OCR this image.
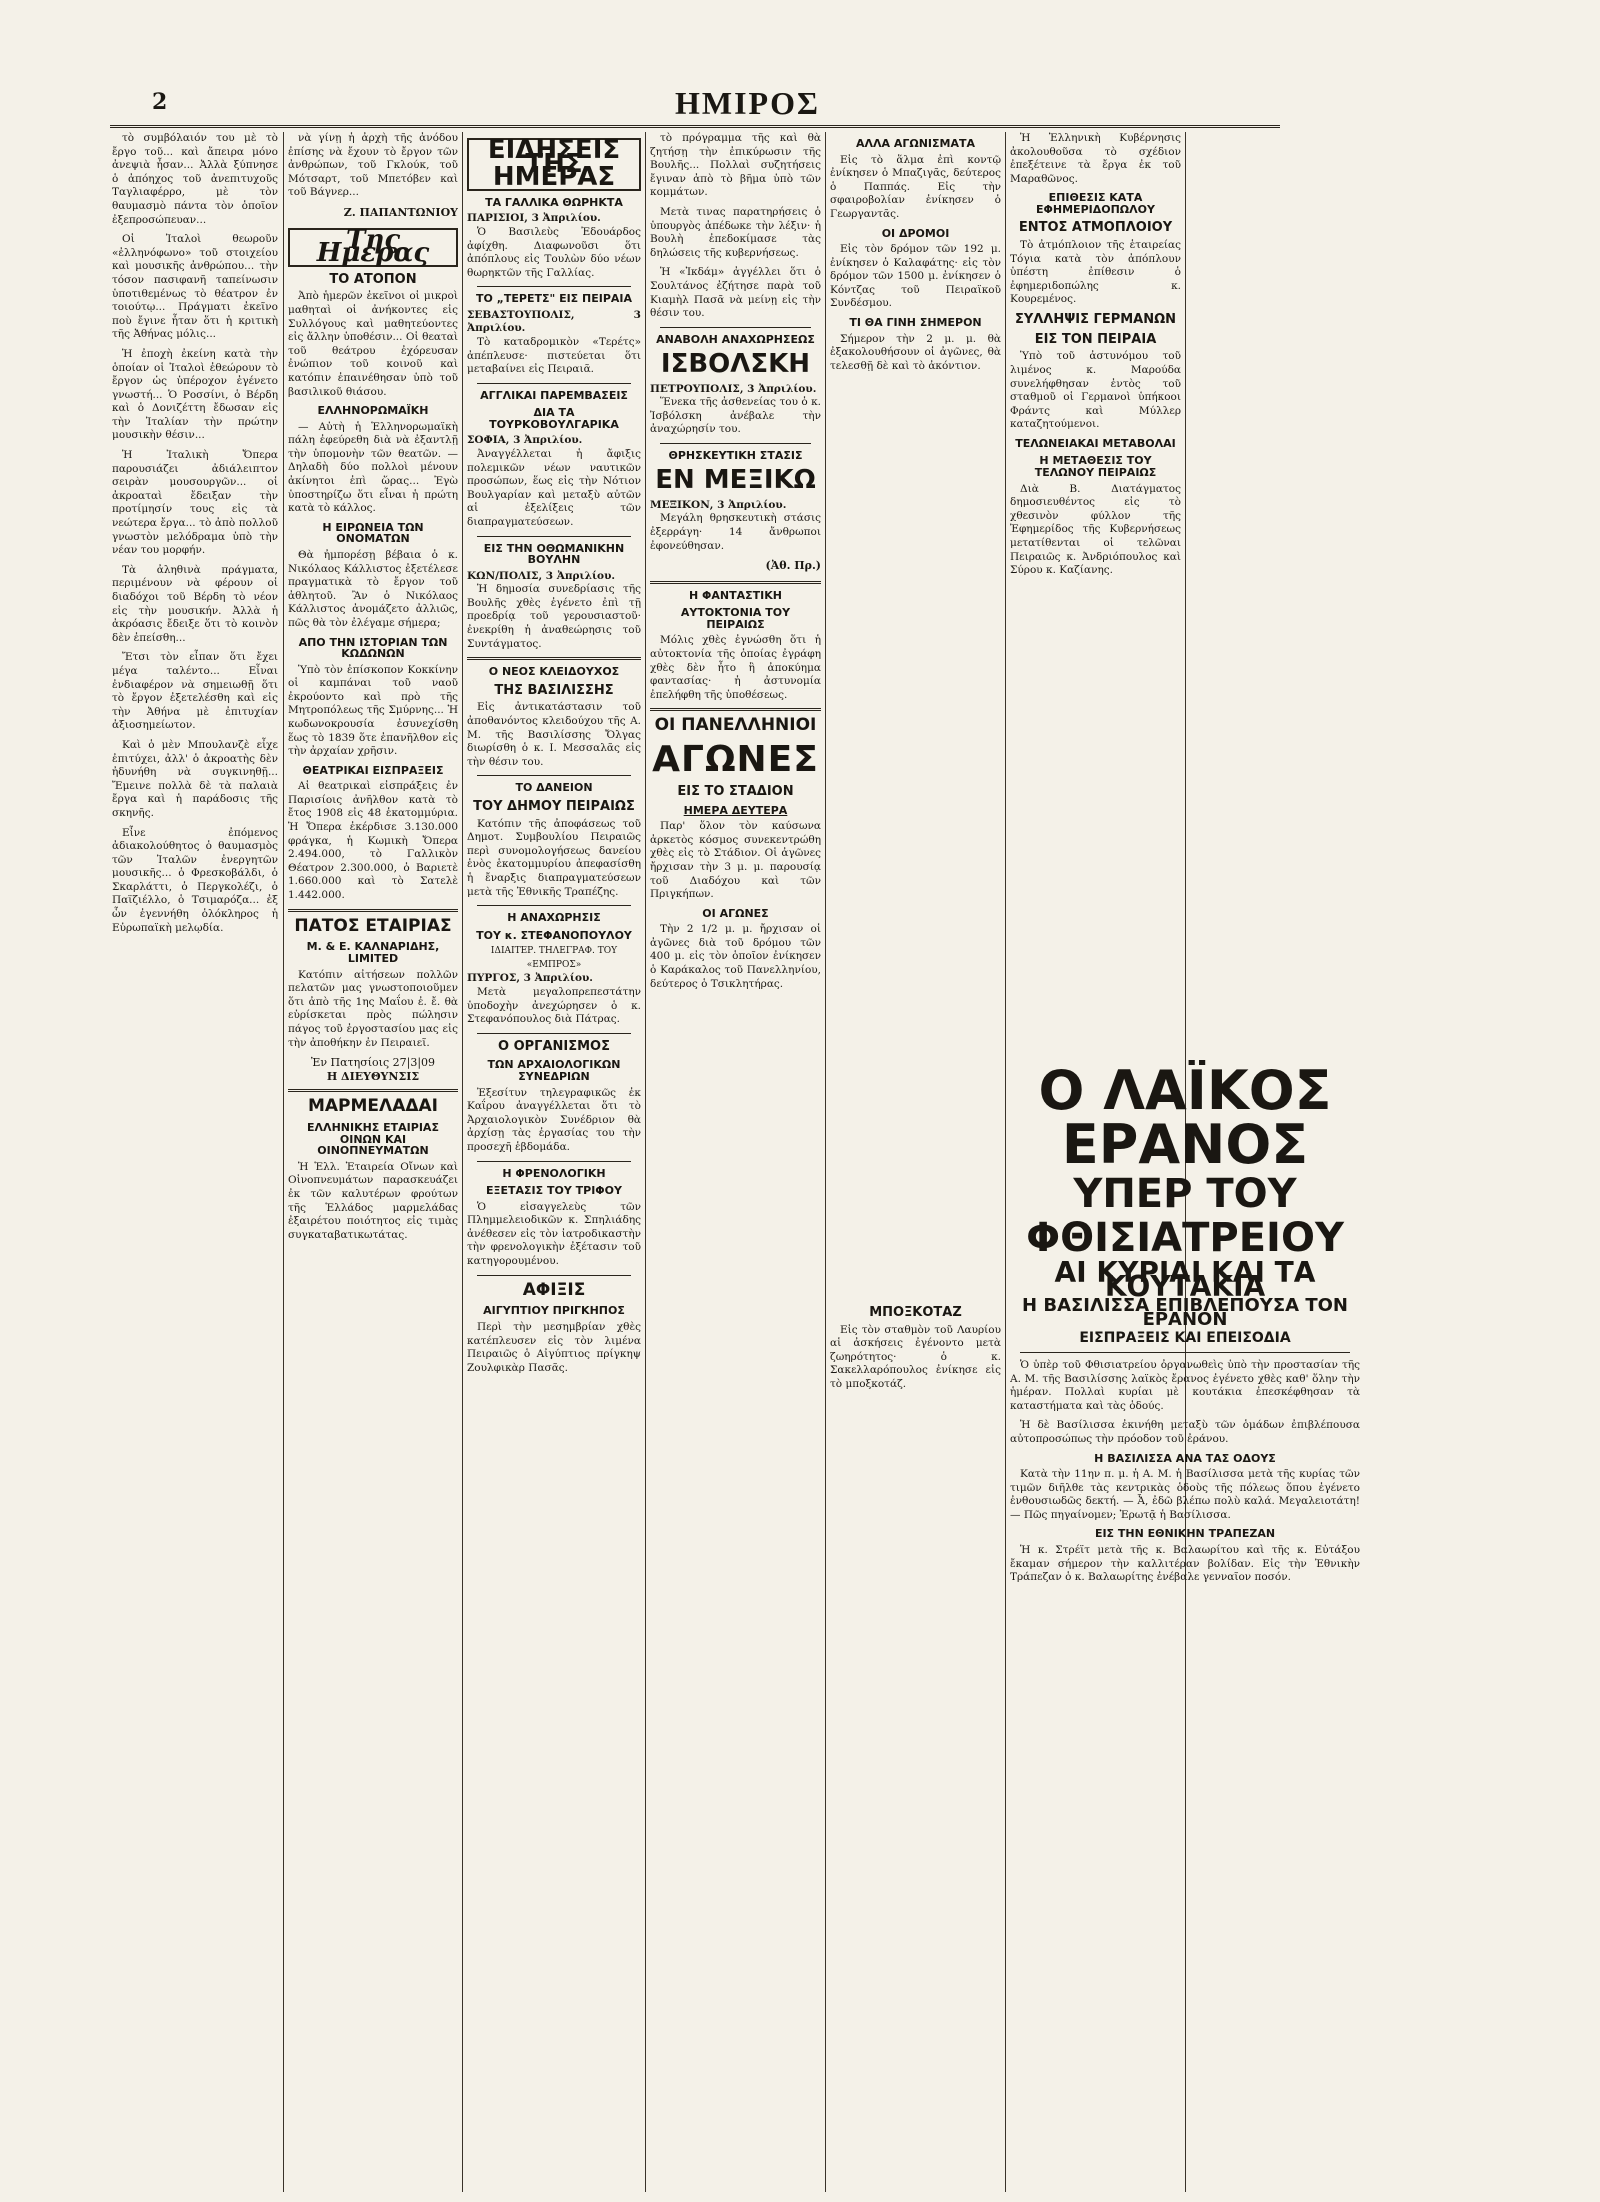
2	ΗΜΙΡΟΣ

τὸ συμβόλαιόν του μὲ τὸ ἔργο τοῦ... καὶ ἄπειρα μόνο ἀνεψιὰ ἦσαν... Ἀλλὰ ξύπνησε ὁ ἀπόηχος τοῦ ἀνεπιτυχοῦς Ταγλιαφέρρο, μὲ τὸν θαυμασμὸ πάντα τὸν ὁποῖον ἐξεπροσώπευαν...

Οἱ Ἰταλοὶ θεωροῦν «ἐλληνόφωνο» τοῦ στοιχείου καὶ μουσικῆς ἀνθρώπου... τὴν τόσον πασιφανῆ ταπείνωσιν ὑποτιθεμένως τὸ θέατρον ἐν τοιούτῳ... Πράγματι ἐκεῖνο ποὺ ἔγινε ἦταν ὅτι ἡ κριτικὴ τῆς Ἀθήνας μόλις...

Ἡ ἐποχὴ ἐκείνη κατὰ τὴν ὁποίαν οἱ Ἰταλοὶ ἐθεώρουν τὸ ἔργον ὡς ὑπέροχον ἐγένετο γνωστή... Ὁ Ροσσίνι, ὁ Βέρδη καὶ ὁ Δονιζέττη ἔδωσαν εἰς τὴν Ἰταλίαν τὴν πρώτην μουσικὴν θέσιν...

Ἡ Ἰταλικὴ Ὄπερα παρουσιάζει ἀδιάλειπτον σειρὰν μουσουργῶν... οἱ ἀκροαταὶ ἔδειξαν τὴν προτίμησίν τους εἰς τὰ νεώτερα ἔργα... τὸ ἀπὸ πολλοῦ γνωστὸν μελόδραμα ὑπὸ τὴν νέαν του μορφήν.

Τὰ ἀληθινὰ πράγματα, περιμένουν νὰ φέρουν οἱ διαδόχοι τοῦ Βέρδη τὸ νέον εἰς τὴν μουσικήν. Ἀλλὰ ἡ ἀκρόασις ἔδειξε ὅτι τὸ κοινὸν δὲν ἐπείσθη...

Ἔτσι τὸν εἶπαν ὅτι ἔχει μέγα ταλέντο... Εἶναι ἐνδιαφέρον νὰ σημειωθῇ ὅτι τὸ ἔργον ἐξετελέσθη καὶ εἰς τὴν Ἀθήνα μὲ ἐπιτυχίαν ἀξιοσημείωτον.

Καὶ ὁ μὲν Μπουλανζὲ εἶχε ἐπιτύχει, ἀλλ' ὁ ἀκροατὴς δὲν ἠδυνήθη νὰ συγκινηθῇ... Ἔμεινε πολλὰ δὲ τὰ παλαιὰ ἔργα καὶ ἡ παράδοσις τῆς σκηνῆς.

Εἶνε ἐπόμενος ἀδιακολούθητος ὁ θαυμασμὸς τῶν Ἰταλῶν ἐνεργητῶν μουσικῆς... ὁ Φρεσκοβάλδι, ὁ Σκαρλάττι, ὁ Περγκολέζι, ὁ Παϊζιέλλο, ὁ Τσιμαρόζα... ἐξ ὧν ἐγεννήθη ὁλόκληρος ἡ Εὐρωπαϊκὴ μελῳδία.

νὰ γίνῃ ἡ ἀρχὴ τῆς ἀνόδου ἐπίσης νὰ ἔχουν τὸ ἔργον τῶν ἀνθρώπων, τοῦ Γκλούκ, τοῦ Μότσαρτ, τοῦ Μπετόβεν καὶ τοῦ Βάγνερ...

Ζ. ΠΑΠΑΝΤΩΝΙΟΥ
Της Ημερας
ΤΟ ΑΤΟΠΟΝ

Ἀπὸ ἡμερῶν ἐκεῖνοι οἱ μικροὶ μαθηταὶ οἱ ἀνήκοντες εἰς Συλλόγους καὶ μαθητεύοντες εἰς ἄλλην ὑποθέσιν... Οἱ θεαταὶ τοῦ θεάτρου ἐχόρευσαν ἐνώπιον τοῦ κοινοῦ καὶ κατόπιν ἐπαινέθησαν ὑπὸ τοῦ βασιλικοῦ θιάσου.

ΕΛΛΗΝΟΡΩΜΑΪΚΗ

— Αὐτὴ ἡ Ἑλληνορωμαϊκὴ πάλη ἐφεύρεθη διὰ νὰ ἐξαντλῇ τὴν ὑπομονὴν τῶν θεατῶν. — Δηλαδὴ δύο πολλοὶ μένουν ἀκίνητοι ἐπὶ ὥρας... Ἐγὼ ὑποστηρίζω ὅτι εἶναι ἡ πρώτη κατὰ τὸ κάλλος.

Η ΕΙΡΩΝΕΙΑ ΤΩΝ ΟΝΟΜΑΤΩΝ

Θὰ ἠμπορέσῃ βέβαια ὁ κ. Νικόλαος Κάλλιστος ἐξετέλεσε πραγματικὰ τὸ ἔργον τοῦ ἀθλητοῦ. Ἂν ὁ Νικόλαος Κάλλιστος ἀνομάζετο ἀλλιῶς, πῶς θὰ τὸν ἐλέγαμε σήμερα;

ΑΠΟ ΤΗΝ ΙΣΤΟΡΙΑΝ ΤΩΝ ΚΩΔΩΝΩΝ

Ὑπὸ τὸν ἐπίσκοπον Κοκκίνην οἱ καμπάναι τοῦ ναοῦ ἐκρούοντο καὶ πρὸ τῆς Μητροπόλεως τῆς Σμύρνης... Ἡ κωδωνοκρουσία ἐσυνεχίσθη ἕως τὸ 1839 ὅτε ἐπανῆλθον εἰς τὴν ἀρχαίαν χρῆσιν.

ΘΕΑΤΡΙΚΑΙ ΕΙΣΠΡΑΞΕΙΣ

Αἱ θεατρικαὶ εἰσπράξεις ἐν Παρισίοις ἀνῆλθον κατὰ τὸ ἔτος 1908 εἰς 48 ἑκατομμύρια. Ἡ Ὄπερα ἐκέρδισε 3.130.000 φράγκα, ἡ Κωμικὴ Ὄπερα 2.494.000, τὸ Γαλλικὸν Θέατρον 2.300.000, ὁ Βαριετὲ 1.660.000 καὶ τὸ Σατελὲ 1.442.000.

ΠΑΤΟΣ ΕΤΑΙΡΙΑΣ
Μ. & Ε. ΚΑΛΝΑΡΙΔΗΣ, LIMITED

Κατόπιν αἰτήσεων πολλῶν πελατῶν μας γνωστοποιοῦμεν ὅτι ἀπὸ τῆς 1ης Μαΐου ἐ. ἔ. θὰ εὑρίσκεται πρὸς πώλησιν πάγος τοῦ ἐργοστασίου μας εἰς τὴν ἀποθήκην ἐν Πειραιεῖ.

Ἐν Πατησίοις 27|3|09
Η ΔΙΕΥΘΥΝΣΙΣ
ΜΑΡΜΕΛΑΔΑΙ
ΕΛΛΗΝΙΚΗΣ ΕΤΑΙΡΙΑΣ ΟΙΝΩΝ ΚΑΙ ΟΙΝΟΠΝΕΥΜΑΤΩΝ

Ἡ Ἑλλ. Ἑταιρεία Οἴνων καὶ Οἰνοπνευμάτων παρασκευάζει ἐκ τῶν καλυτέρων φρούτων τῆς Ἑλλάδος μαρμελάδας ἐξαιρέτου ποιότητος εἰς τιμὰς συγκαταβατικωτάτας.

ΕΙΔΗΣΕΙΣ ΤΗΣ ΗΜΕΡΑΣ
ΤΑ ΓΑΛΛΙΚΑ ΘΩΡΗΚΤΑ
ΠΑΡΙΣΙΟΙ, 3 Ἀπριλίου.

Ὁ Βασιλεὺς Ἐδουάρδος ἀφίχθη. Διαφωνοῦσι ὅτι ἀπόπλους εἰς Τουλὼν δύο νέων θωρηκτῶν τῆς Γαλλίας.

ΤΟ „ΤΕΡΕΤΣ" ΕΙΣ ΠΕΙΡΑΙΑ
ΣΕΒΑΣΤΟΥΠΟΛΙΣ, 3 Ἀπριλίου.

Τὸ καταδρομικὸν «Τερέτς» ἀπέπλευσε· πιστεύεται ὅτι μεταβαίνει εἰς Πειραιᾶ.

ΑΓΓΛΙΚΑΙ ΠΑΡΕΜΒΑΣΕΙΣ
ΔΙΑ ΤΑ ΤΟΥΡΚΟΒΟΥΛΓΑΡΙΚΑ
ΣΟΦΙΑ, 3 Ἀπριλίου.

Ἀναγγέλλεται ἡ ἄφιξις πολεμικῶν νέων ναυτικῶν προσώπων, ἕως εἰς τὴν Νότιον Βουλγαρίαν καὶ μεταξὺ αὐτῶν αἱ ἐξελίξεις τῶν διαπραγματεύσεων.

ΕΙΣ ΤΗΝ ΟΘΩΜΑΝΙΚΗΝ ΒΟΥΛΗΝ
ΚΩΝ/ΠΟΛΙΣ, 3 Ἀπριλίου.

Ἡ δημοσία συνεδρίασις τῆς Βουλῆς χθὲς ἐγένετο ἐπὶ τῇ προεδρίᾳ τοῦ γερουσιαστοῦ· ἐνεκρίθη ἡ ἀναθεώρησις τοῦ Συντάγματος.

Ο ΝΕΟΣ ΚΛΕΙΔΟΥΧΟΣ
ΤΗΣ ΒΑΣΙΛΙΣΣΗΣ

Εἰς ἀντικατάστασιν τοῦ ἀποθανόντος κλειδούχου τῆς Α. Μ. τῆς Βασιλίσσης Ὄλγας διωρίσθη ὁ κ. Ι. Μεσσαλᾶς εἰς τὴν θέσιν του.

ΤΟ ΔΑΝΕΙΟΝ
ΤΟΥ ΔΗΜΟΥ ΠΕΙΡΑΙΩΣ

Κατόπιν τῆς ἀποφάσεως τοῦ Δημοτ. Συμβουλίου Πειραιῶς περὶ συνομολογήσεως δανείου ἑνὸς ἑκατομμυρίου ἀπεφασίσθη ἡ ἔναρξις διαπραγματεύσεων μετὰ τῆς Ἐθνικῆς Τραπέζης.

Η ΑΝΑΧΩΡΗΣΙΣ
ΤΟΥ κ. ΣΤΕΦΑΝΟΠΟΥΛΟΥ
ΙΔΙΑΙΤΕΡ. ΤΗΛΕΓΡΑΦ. ΤΟΥ «ΕΜΠΡΟΣ»
ΠΥΡΓΟΣ, 3 Ἀπριλίου.

Μετὰ μεγαλοπρεπεστάτην ὑποδοχὴν ἀνεχώρησεν ὁ κ. Στεφανόπουλος διὰ Πάτρας.

Ο ΟΡΓΑΝΙΣΜΟΣ
ΤΩΝ ΑΡΧΑΙΟΛΟΓΙΚΩΝ ΣΥΝΕΔΡΙΩΝ

Ἐξεσίτυν τηλεγραφικῶς ἐκ Καΐρου ἀναγγέλλεται ὅτι τὸ Ἀρχαιολογικὸν Συνέδριον θὰ ἀρχίσῃ τὰς ἐργασίας του τὴν προσεχῆ ἑβδομάδα.

Η ΦΡΕΝΟΛΟΓΙΚΗ
ΕΞΕΤΑΣΙΣ ΤΟΥ ΤΡΙΦΟΥ

Ὁ εἰσαγγελεὺς τῶν Πλημμελειοδικῶν κ. Σπηλιάδης ἀνέθεσεν εἰς τὸν ἰατροδικαστὴν τὴν φρενολογικὴν ἐξέτασιν τοῦ κατηγορουμένου.

ΑΦΙΞΙΣ
ΑΙΓΥΠΤΙΟΥ ΠΡΙΓΚΗΠΟΣ

Περὶ τὴν μεσημβρίαν χθὲς κατέπλευσεν εἰς τὸν λιμένα Πειραιῶς ὁ Αἰγύπτιος πρίγκηψ Ζουλφικὰρ Πασᾶς.

τὸ πρόγραμμα τῆς καὶ θὰ ζητήσῃ τὴν ἐπικύρωσιν τῆς Βουλῆς... Πολλαὶ συζητήσεις ἔγιναν ἀπὸ τὸ βῆμα ὑπὸ τῶν κομμάτων.

Μετὰ τινας παρατηρήσεις ὁ ὑπουργὸς ἀπέδωκε τὴν λέξιν· ἡ Βουλὴ ἐπεδοκίμασε τὰς δηλώσεις τῆς κυβερνήσεως.

Ἡ «Ἰκδάμ» ἀγγέλλει ὅτι ὁ Σουλτάνος ἐζήτησε παρὰ τοῦ Κιαμὴλ Πασᾶ νὰ μείνῃ εἰς τὴν θέσιν του.

ΑΝΑΒΟΛΗ ΑΝΑΧΩΡΗΣΕΩΣ
ΙΣΒΟΛΣΚΗ
ΠΕΤΡΟΥΠΟΛΙΣ, 3 Ἀπριλίου.

Ἕνεκα τῆς ἀσθενείας του ὁ κ. Ἰσβόλσκη ἀνέβαλε τὴν ἀναχώρησίν του.

ΘΡΗΣΚΕΥΤΙΚΗ ΣΤΑΣΙΣ
ΕΝ ΜΕΞΙΚΩ
ΜΕΞΙΚΟΝ, 3 Ἀπριλίου.

Μεγάλη θρησκευτικὴ στάσις ἐξερράγη· 14 ἄνθρωποι ἐφονεύθησαν.

(Ἀθ. Πρ.)
Η ΦΑΝΤΑΣΤΙΚΗ
ΑΥΤΟΚΤΟΝΙΑ ΤΟΥ ΠΕΙΡΑΙΩΣ

Μόλις χθὲς ἐγνώσθη ὅτι ἡ αὐτοκτονία τῆς ὁποίας ἐγράφη χθὲς δὲν ἦτο ἢ ἀποκύημα φαντασίας· ἡ ἀστυνομία ἐπελήφθη τῆς ὑποθέσεως.

ΟΙ ΠΑΝΕΛΛΗΝΙΟΙ
ΑΓΩΝΕΣ
ΕΙΣ ΤΟ ΣΤΑΔΙΟΝ
ΗΜΕΡΑ ΔΕΥΤΕΡΑ

Παρ' ὅλον τὸν καύσωνα ἀρκετὸς κόσμος συνεκεντρώθη χθὲς εἰς τὸ Στάδιον. Οἱ ἀγῶνες ἤρχισαν τὴν 3 μ. μ. παρουσίᾳ τοῦ Διαδόχου καὶ τῶν Πριγκήπων.

ΟΙ ΑΓΩΝΕΣ

Τὴν 2 1/2 μ. μ. ἤρχισαν οἱ ἀγῶνες διὰ τοῦ δρόμου τῶν 400 μ. εἰς τὸν ὁποῖον ἐνίκησεν ὁ Καράκαλος τοῦ Πανελληνίου, δεύτερος ὁ Τσικλητήρας.

ΑΛΛΑ ΑΓΩΝΙΣΜΑΤΑ

Εἰς τὸ ἅλμα ἐπὶ κοντῷ ἐνίκησεν ὁ Μπαζιγᾶς, δεύτερος ὁ Παππάς. Εἰς τὴν σφαιροβολίαν ἐνίκησεν ὁ Γεωργαντᾶς.

ΟΙ ΔΡΟΜΟΙ

Εἰς τὸν δρόμον τῶν 192 μ. ἐνίκησεν ὁ Καλαφάτης· εἰς τὸν δρόμον τῶν 1500 μ. ἐνίκησεν ὁ Κόντζας τοῦ Πειραϊκοῦ Συνδέσμου.

ΤΙ ΘΑ ΓΙΝΗ ΣΗΜΕΡΟΝ

Σήμερον τὴν 2 μ. μ. θὰ ἐξακολουθήσουν οἱ ἀγῶνες, θὰ τελεσθῇ δὲ καὶ τὸ ἀκόντιον.

Ἡ Ἑλληνικὴ Κυβέρνησις ἀκολουθοῦσα τὸ σχέδιον ἐπεξέτεινε τὰ ἔργα ἐκ τοῦ Μαραθῶνος.

ΕΠΙΘΕΣΙΣ ΚΑΤΑ ΕΦΗΜΕΡΙΔΟΠΩΛΟΥ
ΕΝΤΟΣ ΑΤΜΟΠΛΟΙΟΥ

Τὸ ἀτμόπλοιον τῆς ἑταιρείας Τόγια κατὰ τὸν ἀπόπλουν ὑπέστη ἐπίθεσιν ὁ ἐφημεριδοπώλης κ. Κουρεμένος.

ΣΥΛΛΗΨΙΣ ΓΕΡΜΑΝΩΝ
ΕΙΣ ΤΟΝ ΠΕΙΡΑΙΑ

Ὑπὸ τοῦ ἀστυνόμου τοῦ λιμένος κ. Μαρούδα συνελήφθησαν ἐντὸς τοῦ σταθμοῦ οἱ Γερμανοὶ ὑπήκοοι Φράντς καὶ Μύλλερ καταζητούμενοι.

ΤΕΛΩΝΕΙΑΚΑΙ ΜΕΤΑΒΟΛΑΙ
Η ΜΕΤΑΘΕΣΙΣ ΤΟΥ ΤΕΛΩΝΟΥ ΠΕΙΡΑΙΩΣ

Διὰ Β. Διατάγματος δημοσιευθέντος εἰς τὸ χθεσινὸν φύλλον τῆς Ἐφημερίδος τῆς Κυβερνήσεως μετατίθενται οἱ τελῶναι Πειραιῶς κ. Ἀνδριόπουλος καὶ Σύρου κ. Καζίανης.

Ο ΛΑΪΚΟΣ ΕΡΑΝΟΣ
ΥΠΕΡ ΤΟΥ ΦΘΙΣΙΑΤΡΕΙΟΥ
ΑΙ ΚΥΡΙΑΙ ΚΑΙ ΤΑ ΚΟΥΤΑΚΙΑ
Η ΒΑΣΙΛΙΣΣΑ ΕΠΙΒΛΕΠΟΥΣΑ ΤΟΝ ΕΡΑΝΟΝ
ΕΙΣΠΡΑΞΕΙΣ ΚΑΙ ΕΠΕΙΣΟΔΙΑ

Ὁ ὑπὲρ τοῦ Φθισιατρείου ὀργανωθεὶς ὑπὸ τὴν προστασίαν τῆς Α. Μ. τῆς Βασιλίσσης λαϊκὸς ἔρανος ἐγένετο χθὲς καθ' ὅλην τὴν ἡμέραν. Πολλαὶ κυρίαι μὲ κουτάκια ἐπεσκέφθησαν τὰ καταστήματα καὶ τὰς ὁδούς.

Ἡ δὲ Βασίλισσα ἐκινήθη μεταξὺ τῶν ὁμάδων ἐπιβλέπουσα αὐτοπροσώπως τὴν πρόοδον τοῦ ἐράνου.

Η ΒΑΣΙΛΙΣΣΑ ΑΝΑ ΤΑΣ ΟΔΟΥΣ

Κατὰ τὴν 11ην π. μ. ἡ Α. Μ. ἡ Βασίλισσα μετὰ τῆς κυρίας τῶν τιμῶν διῆλθε τὰς κεντρικὰς ὁδοὺς τῆς πόλεως ὅπου ἐγένετο ἐνθουσιωδῶς δεκτή. — Ἆ, ἐδῶ βλέπω πολὺ καλά. Μεγαλειοτάτη! — Πῶς πηγαίνομεν; Ἐρωτᾷ ἡ Βασίλισσα.

ΕΙΣ ΤΗΝ ΕΘΝΙΚΗΝ ΤΡΑΠΕΖΑΝ

Ἡ κ. Στρέϊτ μετὰ τῆς κ. Βαλαωρίτου καὶ τῆς κ. Εὐτάξου ἔκαμαν σήμερον τὴν καλλιτέραν βολίδαν. Εἰς τὴν Ἐθνικὴν Τράπεζαν ὁ κ. Βαλαωρίτης ἐνέβαλε γενναῖον ποσόν.

ΜΠΟΞΚΟΤΑΖ

Εἰς τὸν σταθμὸν τοῦ Λαυρίου αἱ ἀσκήσεις ἐγένοντο μετὰ ζωηρότητος· ὁ κ. Σακελλαρόπουλος ἐνίκησε εἰς τὸ μποξκοτάζ.
